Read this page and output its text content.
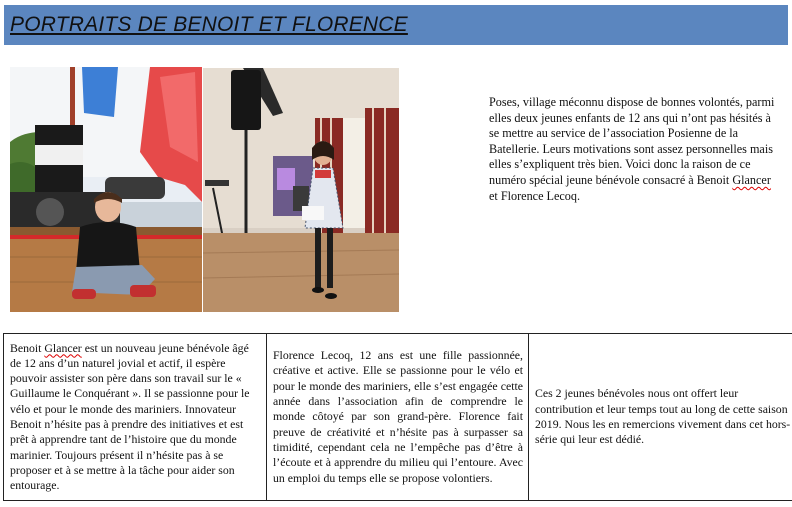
PORTRAITS DE BENOIT ET FLORENCE
Poses, village méconnu dispose de bonnes volontés, parmi elles deux jeunes enfants de 12 ans qui n’ont pas hésités à se mettre au service de l’association Posienne de la Batellerie. Leurs motivations sont assez personnelles mais elles s’expliquent très bien. Voici donc la raison de ce numéro spécial jeune bénévole consacré à Benoit Glancer et Florence Lecoq.
Benoit Glancer est un nouveau jeune bénévole âgé de 12 ans d’un naturel jovial et actif, il espère pouvoir assister son père dans son travail sur le « Guillaume le Conquérant ». Il se passionne pour le vélo et pour le monde des mariniers. Innovateur Benoit n’hésite pas à prendre des initiatives et est prêt à apprendre tant de l’histoire que du monde marinier. Toujours présent il n’hésite pas à se proposer et à se mettre à la tâche pour aider son entourage.	Florence Lecoq, 12 ans est une fille passionnée, créative et active. Elle se passionne pour le vélo et pour le monde des mariniers, elle s’est engagée cette année dans l’association afin de comprendre le monde côtoyé par son grand-père. Florence fait preuve de créativité et n’hésite pas à surpasser sa timidité, cependant cela ne l’empêche pas d’être à l’écoute et à apprendre du milieu qui l’entoure. Avec un emploi du temps elle se propose volontiers.	Ces 2 jeunes bénévoles nous ont offert leur contribution et leur temps tout au long de cette saison 2019. Nous les en remercions vivement dans cet hors-série qui leur est dédié.
